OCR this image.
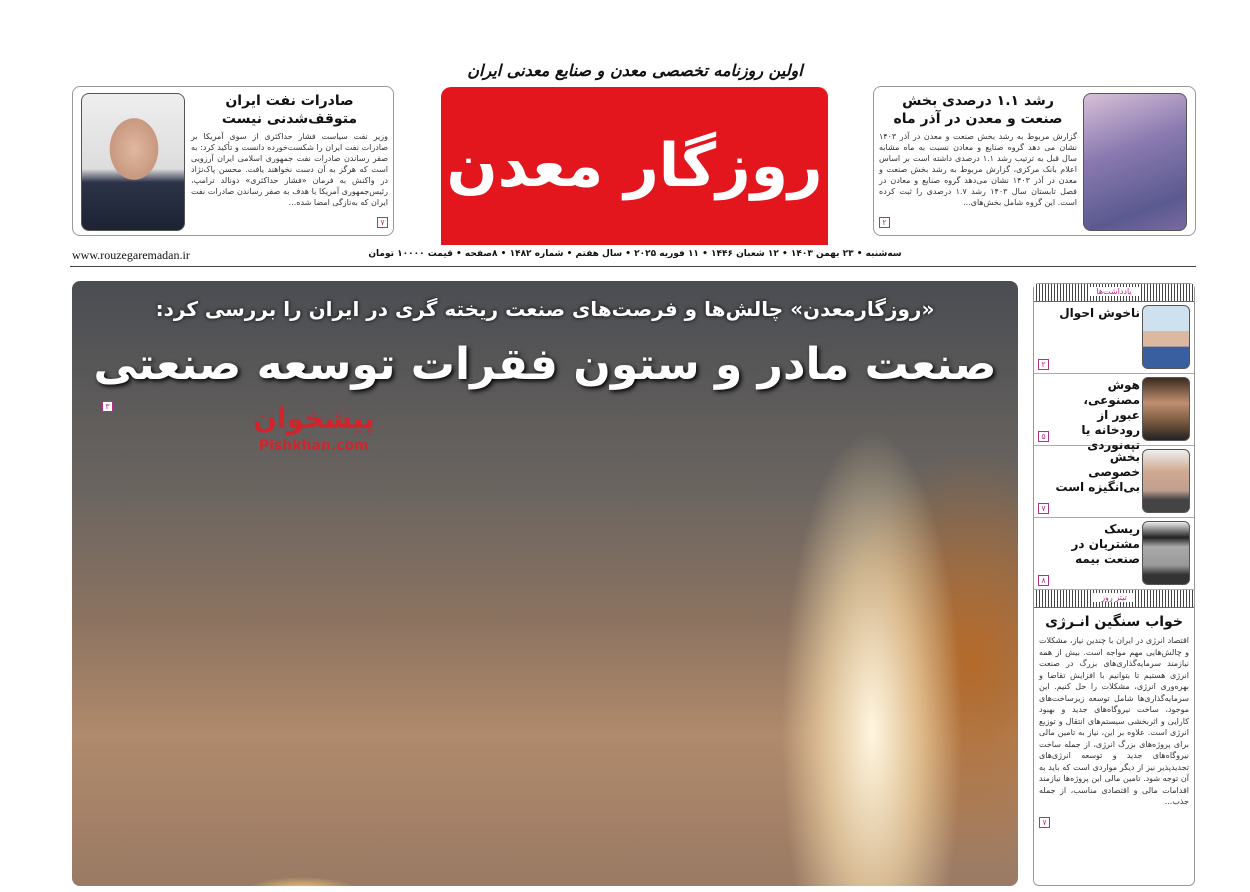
اولین روزنامه تخصصی معدن و صنایع معدنی ایران
روزگار معدن
رشد ۱.۱ درصدی بخش صنعت و معدن در آذر ماه

گزارش مربوط به رشد بخش صنعت و معدن در آذر ۱۴۰۳ نشان می دهد گروه صنایع و معادن نسبت به ماه مشابه سال قبل به ترتیب رشد ۱.۱ درصدی داشته است بر اساس اعلام بانک مرکزی، گزارش مربوط به رشد بخش صنعت و معدن در آذر ۱۴۰۳ نشان می‌دهد گروه صنایع و معادن در فصل تابستان سال ۱۴۰۳ رشد ۱.۷ درصدی را ثبت کرده است. این گروه شامل بخش‌های...

۲
صادرات نفت ایران متوقف‌شدنی نیست

وزیر نفت سیاست فشار حداکثری از سوی آمریکا بر صادرات نفت ایران را شکست‌خورده دانست و تأکید کرد: به صفر رساندن صادرات نفت جمهوری اسلامی ایران آرزویی است که هرگز به آن دست نخواهند یافت. محسن پاک‌نژاد در واکنش به فرمان «فشار حداکثری» دونالد ترامپ، رئیس‌جمهوری آمریکا با هدف به صفر رساندن صادرات نفت ایران که به‌تازگی امضا شده...

۷
www.rouzegaremadan.ir	سه‌شنبه • ۲۳ بهمن ۱۴۰۳ • ۱۲ شعبان ۱۴۴۶ • ۱۱ فوریه ۲۰۲۵ • سال هفتم • شماره ۱۴۸۲ • ۸صفحه • قیمت ۱۰۰۰۰ تومان
«روزگارمعدن» چالش‌ها و فرصت‌های صنعت ریخته گری در ایران را بررسی کرد:
صنعت مادر و ستون فقرات توسعه صنعتی
۳	پیشخوان
Pishkhan.com
یادداشت‌ها
ناخوش احوال
۲
هوش مصنوعی، عبور از رودخانه یا تپه‌نوردی
۵
بخش خصوصی بی‌انگیزه است
۷
ریسک مشتریان در صنعت بیمه
۸
تیتر روز
خواب سنگین انـرژی

اقتصاد انرژی در ایران با چندین نیاز، مشکلات و چالش‌هایی مهم مواجه است. بیش از همه نیازمند سرمایه‌گذاری‌های بزرگ در صنعت انرژی هستیم تا بتوانیم با افزایش تقاضا و بهره‌وری انرژی، مشکلات را حل کنیم. این سرمایه‌گذاری‌ها شامل توسعه زیرساخت‌های موجود، ساخت نیروگاه‌های جدید و بهبود کارایی و اثربخشی سیستم‌های انتقال و توزیع انرژی است. علاوه بر این، نیاز به تامین مالی برای پروژه‌های بزرگ انرژی، از جمله ساخت نیروگاه‌های جدید و توسعه انرژی‌های تجدیدپذیر نیز از دیگر مواردی است که باید به آن توجه شود. تامین مالی این پروژه‌ها نیازمند اقدامات مالی و اقتصادی مناسب، از جمله جذب...

۷
